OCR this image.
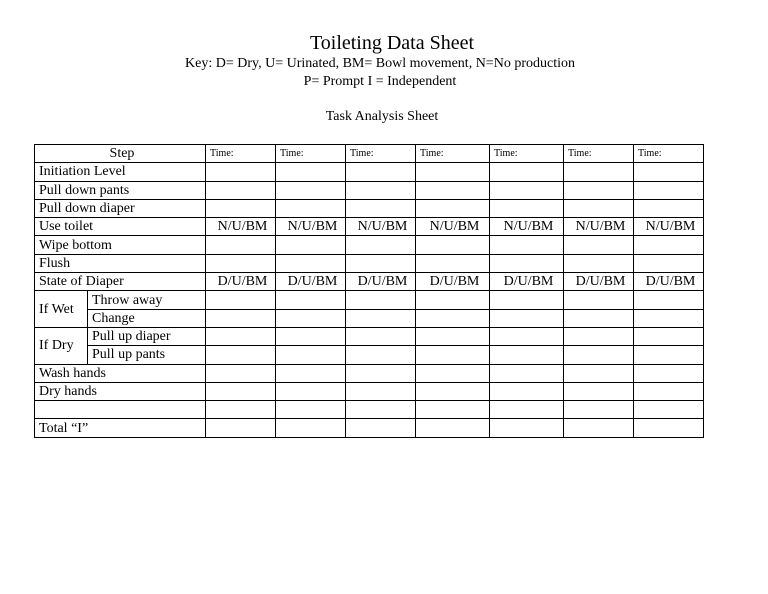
Toileting Data Sheet
Key: D= Dry, U= Urinated, BM= Bowl movement, N=No production
P= Prompt I = Independent
Task Analysis Sheet
Step		Time:	Time:	Time:	Time:	Time:	Time:	Time:
Initiation Level								
Pull down pants								
Pull down diaper								
Use toilet		N/U/BM	N/U/BM	N/U/BM	N/U/BM	N/U/BM	N/U/BM	N/U/BM
Wipe bottom								
Flush								
State of Diaper		D/U/BM	D/U/BM	D/U/BM	D/U/BM	D/U/BM	D/U/BM	D/U/BM
If Wet	Throw away							
	Change							
If Dry	Pull up diaper							
	Pull up pants							
Wash hands								
Dry hands								

Total “I”								
